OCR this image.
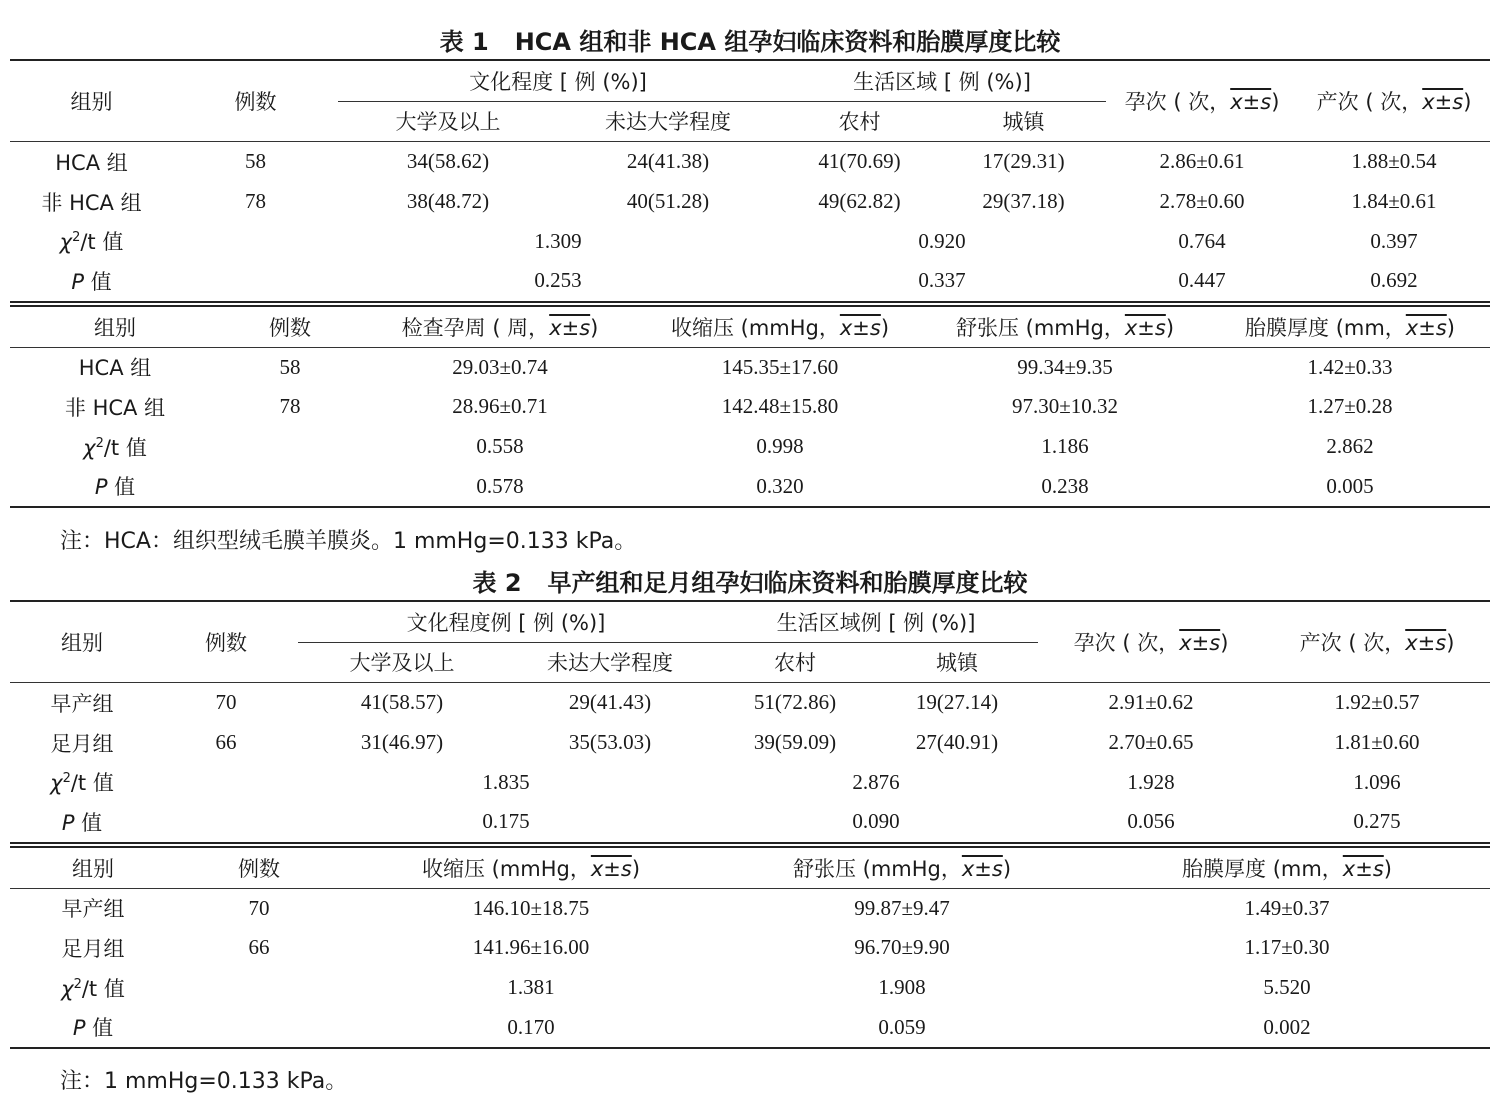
表 1 HCA 组和非 HCA 组孕妇临床资料和胎膜厚度比较
组别	例数	文化程度 [ 例 (%)]		生活区域 [ 例 (%)]		孕次 ( 次，x±s)	产次 ( 次，x±s)
		大学及以上	未达大学程度	农村	城镇		
HCA 组	58	34(58.62)	24(41.38)	41(70.69)	17(29.31)	2.86±0.61	1.88±0.54
非 HCA 组	78	38(48.72)	40(51.28)	49(62.82)	29(37.18)	2.78±0.60	1.84±0.61
$\chi^2/t$ 值		1.309		0.920		0.764	0.397
P 值		0.253		0.337		0.447	0.692
组别	例数	检查孕周 ( 周，x±s)	收缩压 (mmHg，x±s)	舒张压 (mmHg，x±s)	胎膜厚度 (mm，x±s)
HCA 组	58	29.03±0.74	145.35±17.60	99.34±9.35	1.42±0.33
非 HCA 组	78	28.96±0.71	142.48±15.80	97.30±10.32	1.27±0.28
$\chi^2/t$ 值		0.558	0.998	1.186	2.862
P 值		0.578	0.320	0.238	0.005
注：HCA：组织型绒毛膜羊膜炎。1 mmHg=0.133 kPa。
表 2 早产组和足月组孕妇临床资料和胎膜厚度比较
组别	例数	文化程度例 [ 例 (%)]		生活区域例 [ 例 (%)]		孕次 ( 次，x±s)	产次 ( 次，x±s)
		大学及以上	未达大学程度	农村	城镇		
早产组	70	41(58.57)	29(41.43)	51(72.86)	19(27.14)	2.91±0.62	1.92±0.57
足月组	66	31(46.97)	35(53.03)	39(59.09)	27(40.91)	2.70±0.65	1.81±0.60
$\chi^2/t$ 值		1.835		2.876		1.928	1.096
P 值		0.175		0.090		0.056	0.275
组别	例数	收缩压 (mmHg，x±s)	舒张压 (mmHg，x±s)	胎膜厚度 (mm，x±s)
早产组	70	146.10±18.75	99.87±9.47	1.49±0.37
足月组	66	141.96±16.00	96.70±9.90	1.17±0.30
$\chi^2/t$ 值		1.381	1.908	5.520
P 值		0.170	0.059	0.002
注：1 mmHg=0.133 kPa。
